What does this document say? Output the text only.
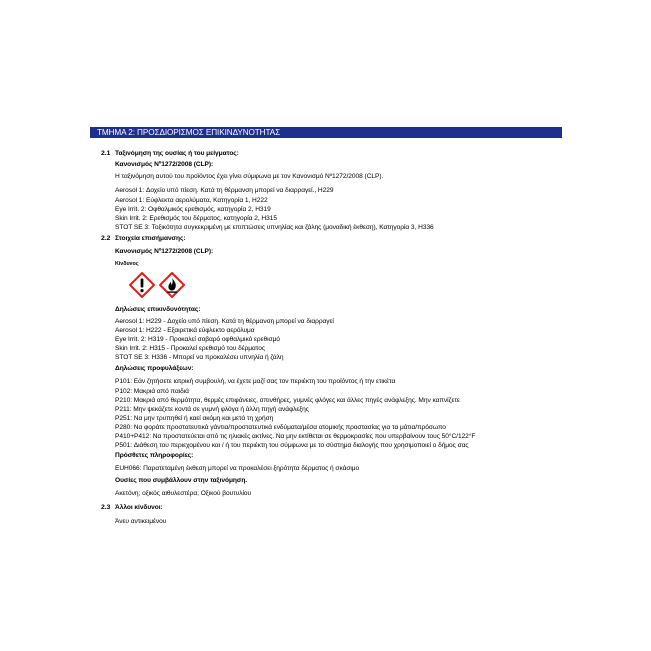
ΤΜΗΜΑ 2: ΠΡΟΣΔΙΟΡΙΣΜΟΣ ΕΠΙΚΙΝΔΥΝΟΤΗΤΑΣ
2.1 Ταξινόμηση της ουσίας ή του μείγματος:
Κανονισμός Nº1272/2008 (CLP):
Η ταξινόμηση αυτού του προϊόντος έχει γίνει σύμφωνα με τον Κανονισμό Nº1272/2008 (CLP).
Aerosol 1: Δοχείο υπό πίεση. Κατά τη θέρμανση μπορεί να διαρραγεί., H229
Aerosol 1: Εύφλεκτα αερολύματα, Κατηγορία 1, H222
Eye Irrit. 2: Οφθαλμικός ερεθισμός, κατηγορία 2, H319
Skin Irrit. 2: Ερεθισμός του δέρματος, κατηγορία 2, H315
STOT SE 3: Τοξικότητα συγκεκριμένη με επιπτώσεις υπνηλίας και ζάλης (μοναδική έκθεση), Κατηγορία 3, H336
2.2 Στοιχεία επισήμανσης:
Κανονισμός Nº1272/2008 (CLP):
Κίνδυνος
Δηλώσεις επικινδυνότητας:
Aerosol 1: H229 - Δοχείο υπό πίεση. Κατά τη θέρμανση μπορεί να διαρραγεί
Aerosol 1: H222 - Εξαιρετικά εύφλεκτο αερόλυμα
Eye Irrit. 2: H319 - Προκαλεί σοβαρό οφθαλμικό ερεθισμό
Skin Irrit. 2: H315 - Προκαλεί ερεθισμό του δέρματος
STOT SE 3: H336 - Μπορεί να προκαλέσει υπνηλία ή ζάλη
Δηλώσεις προφυλάξεων:
P101: Εάν ζητήσετε ιατρική συμβουλή, να έχετε μαζί σας τον περιέκτη του προϊόντος ή την ετικέτα
P102: Μακριά από παιδιά
P210: Μακριά από θερμότητα, θερμές επιφάνειες, σπινθήρες, γυμνές φλόγες και άλλες πηγές ανάφλεξης. Μην καπνίζετε
P211: Μην ψεκάζετε κοντά σε γυμνή φλόγα ή άλλη πηγή ανάφλεξης
P251: Να μην τρυπηθεί ή καεί ακόμη και μετά τη χρήση
P280: Να φοράτε προστατευτικά γάντια/προστατευτικά ενδύματα/μέσα ατομικής προστασίας για τα μάτια/πρόσωπο
P410+P412: Να προστατεύεται από τις ηλιακές ακτίνες. Να μην εκτίθεται σε θερμοκρασίες που υπερβαίνουν τους 50°C/122°F
P501: Διάθεση του περιεχομένου και / ή του περιέκτη του σύμφωνα με το σύστημα διαλογής που χρησιμοποιεί ο δήμος σας
Πρόσθετες πληροφορίες:
EUH066: Παρατεταμένη έκθεση μπορεί να προκαλέσει ξηρότητα δέρματος ή σκάσιμο
Ουσίες που συμβάλλουν στην ταξινόμηση.
Ακετόνη; οξικός αιθυλεστέρα; Οξικού βουτυλίου
2.3 Άλλοι κίνδυνοι:
Άνευ αντικειμένου
